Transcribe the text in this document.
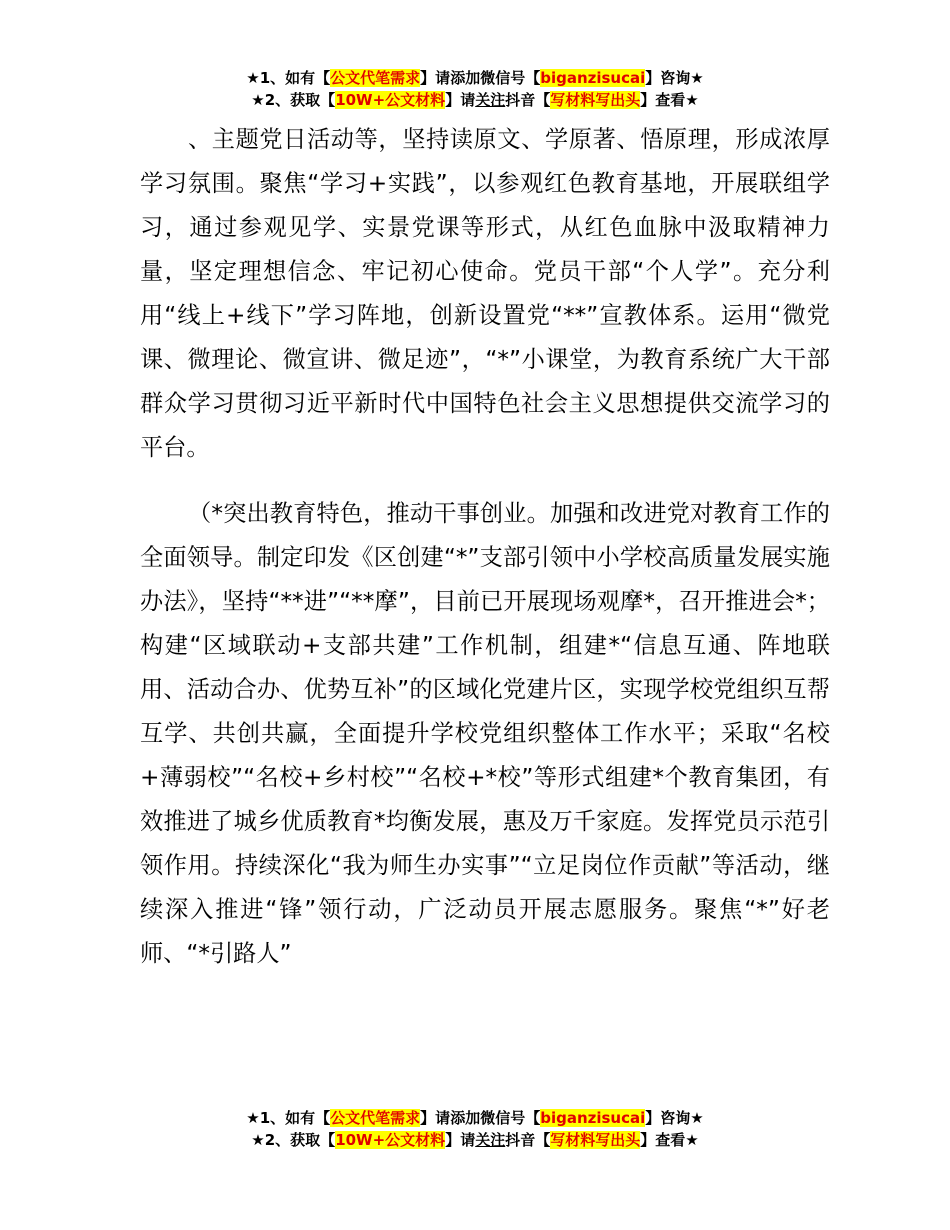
★1、如有【公文代笔需求】请添加微信号【biganzisucai】咨询★
★2、获取【10W+公文材料】请关注抖音【写材料写出头】查看★

、主题党日活动等，坚持读原文、学原著、悟原理，形成浓厚学习氛围。聚焦“学习+实践”，以参观红色教育基地，开展联组学习，通过参观见学、实景党课等形式，从红色血脉中汲取精神力量，坚定理想信念、牢记初心使命。党员干部“个人学”。充分利用“线上+线下”学习阵地，创新设置党“**”宣教体系。运用“微党课、微理论、微宣讲、微足迹”，“*”小课堂，为教育系统广大干部群众学习贯彻习近平新时代中国特色社会主义思想提供交流学习的平台。

（*突出教育特色，推动干事创业。加强和改进党对教育工作的全面领导。制定印发《区创建“*”支部引领中小学校高质量发展实施办法》，坚持“**进”“**摩”，目前已开展现场观摩*，召开推进会*；构建“区域联动+支部共建”工作机制，组建*“信息互通、阵地联用、活动合办、优势互补”的区域化党建片区，实现学校党组织互帮互学、共创共赢，全面提升学校党组织整体工作水平；采取“名校+薄弱校”“名校+乡村校”“名校+*校”等形式组建*个教育集团，有效推进了城乡优质教育*均衡发展，惠及万千家庭。发挥党员示范引领作用。持续深化“我为师生办实事”“立足岗位作贡献”等活动，继续深入推进“锋”领行动，广泛动员开展志愿服务。聚焦“*”好老师、“*引路人”

★1、如有【公文代笔需求】请添加微信号【biganzisucai】咨询★
★2、获取【10W+公文材料】请关注抖音【写材料写出头】查看★
